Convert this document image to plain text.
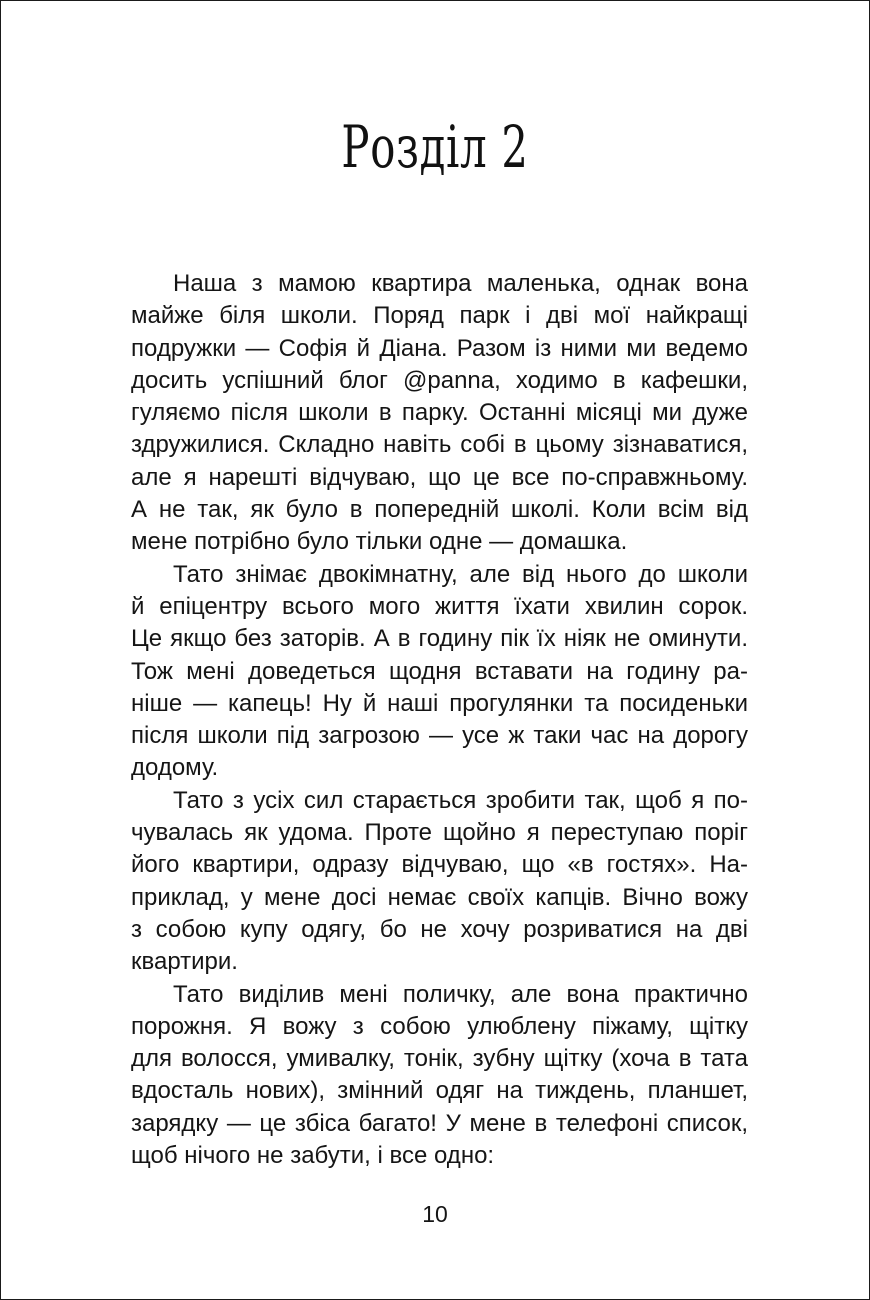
Розділ 2
Наша з мамою квартира маленька, однак вона
майже біля школи. Поряд парк і дві мої найкращі
подружки — Софія й Діана. Разом із ними ми ведемо
досить успішний блог @panna, ходимо в кафешки,
гуляємо після школи в парку. Останні місяці ми дуже
здружилися. Складно навіть собі в цьому зізнаватися,
але я нарешті відчуваю, що це все по-справжньому.
А не так, як було в попередній школі. Коли всім від
мене потрібно було тільки одне — домашка.
Тато знімає двокімнатну, але від нього до школи
й епіцентру всього мого життя їхати хвилин сорок.
Це якщо без заторів. А в годину пік їх ніяк не оминути.
Тож мені доведеться щодня вставати на годину ра-
ніше — капець! Ну й наші прогулянки та посиденьки
після школи під загрозою — усе ж таки час на дорогу
додому.
Тато з усіх сил старається зробити так, щоб я по-
чувалась як удома. Проте щойно я переступаю поріг
його квартири, одразу відчуваю, що «в гостях». На-
приклад, у мене досі немає своїх капців. Вічно вожу
з собою купу одягу, бо не хочу розриватися на дві
квартири.
Тато виділив мені поличку, але вона практично
порожня. Я вожу з собою улюблену піжаму, щітку
для волосся, умивалку, тонік, зубну щітку (хоча в тата
вдосталь нових), змінний одяг на тиждень, планшет,
зарядку — це збіса багато! У мене в телефоні список,
щоб нічого не забути, і все одно:
10
